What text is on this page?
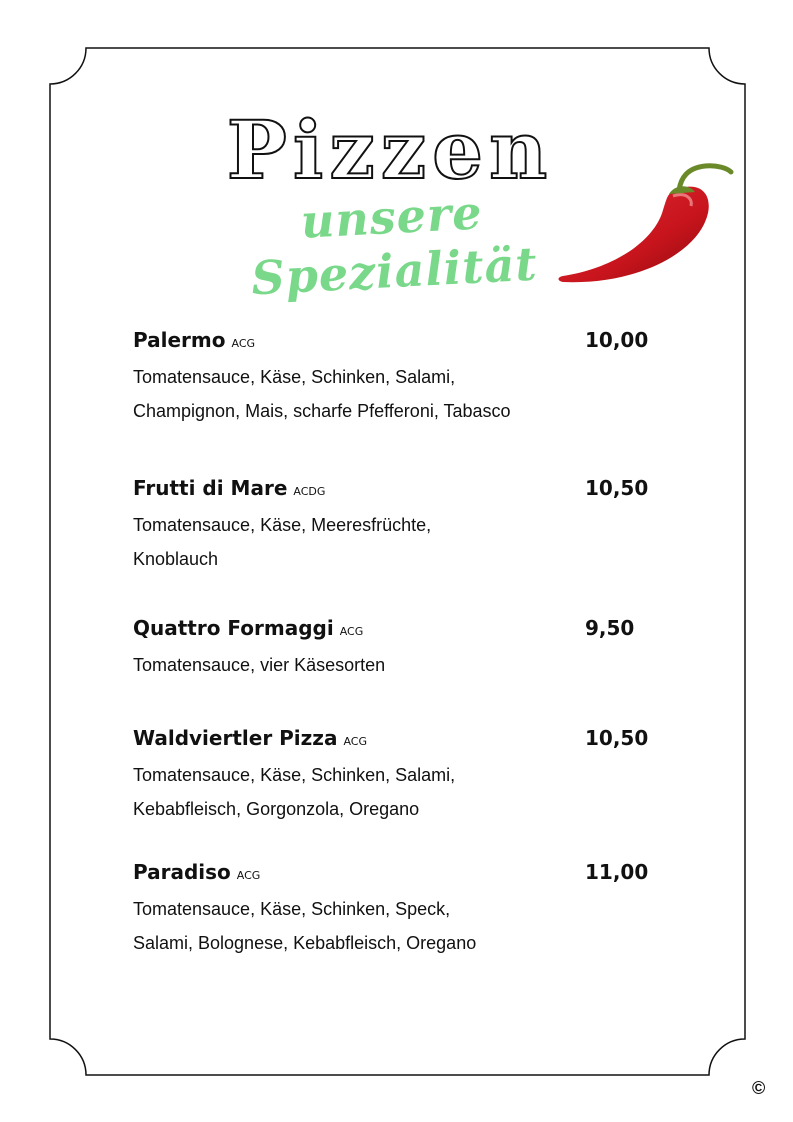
Pizzen
unsere Spezialität
Palermo ACG	10,00
Tomatensauce, Käse, Schinken, Salami,
Champignon, Mais, scharfe Pfefferoni, Tabasco
Frutti di Mare ACDG	10,50
Tomatensauce, Käse, Meeresfrüchte,
Knoblauch
Quattro Formaggi ACG	9,50
Tomatensauce, vier Käsesorten
Waldviertler Pizza ACG	10,50
Tomatensauce, Käse, Schinken, Salami,
Kebabfleisch, Gorgonzola, Oregano
Paradiso ACG	11,00
Tomatensauce, Käse, Schinken, Speck,
Salami, Bolognese, Kebabfleisch, Oregano
©
